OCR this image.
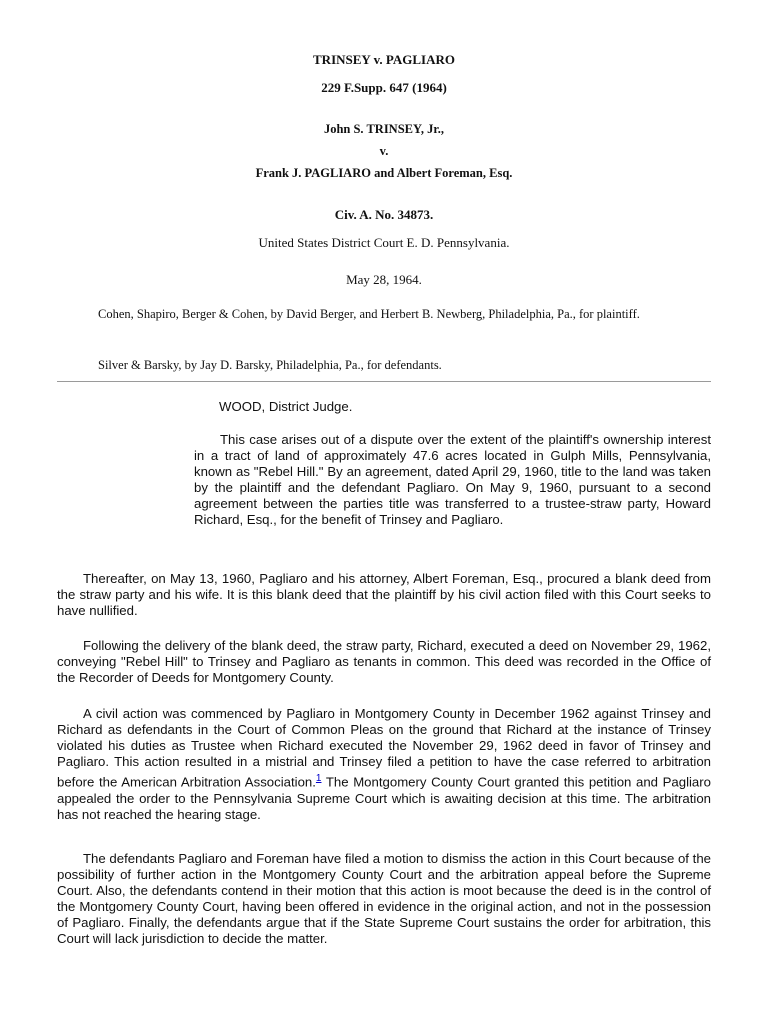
TRINSEY v. PAGLIARO
229 F.Supp. 647 (1964)
John S. TRINSEY, Jr.,
v.
Frank J. PAGLIARO and Albert Foreman, Esq.
Civ. A. No. 34873.
United States District Court E. D. Pennsylvania.
May 28, 1964.
Cohen, Shapiro, Berger & Cohen, by David Berger, and Herbert B. Newberg, Philadelphia, Pa., for plaintiff.
Silver & Barsky, by Jay D. Barsky, Philadelphia, Pa., for defendants.
WOOD, District Judge.
This case arises out of a dispute over the extent of the plaintiff's ownership interest in a tract of land of approximately 47.6 acres located in Gulph Mills, Pennsylvania, known as "Rebel Hill." By an agreement, dated April 29, 1960, title to the land was taken by the plaintiff and the defendant Pagliaro. On May 9, 1960, pursuant to a second agreement between the parties title was transferred to a trustee-straw party, Howard Richard, Esq., for the benefit of Trinsey and Pagliaro.
Thereafter, on May 13, 1960, Pagliaro and his attorney, Albert Foreman, Esq., procured a blank deed from the straw party and his wife. It is this blank deed that the plaintiff by his civil action filed with this Court seeks to have nullified.
Following the delivery of the blank deed, the straw party, Richard, executed a deed on November 29, 1962, conveying "Rebel Hill" to Trinsey and Pagliaro as tenants in common. This deed was recorded in the Office of the Recorder of Deeds for Montgomery County.
A civil action was commenced by Pagliaro in Montgomery County in December 1962 against Trinsey and Richard as defendants in the Court of Common Pleas on the ground that Richard at the instance of Trinsey violated his duties as Trustee when Richard executed the November 29, 1962 deed in favor of Trinsey and Pagliaro. This action resulted in a mistrial and Trinsey filed a petition to have the case referred to arbitration before the American Arbitration Association.$^1$ The Montgomery County Court granted this petition and Pagliaro appealed the order to the Pennsylvania Supreme Court which is awaiting decision at this time. The arbitration has not reached the hearing stage.
The defendants Pagliaro and Foreman have filed a motion to dismiss the action in this Court because of the possibility of further action in the Montgomery County Court and the arbitration appeal before the Supreme Court. Also, the defendants contend in their motion that this action is moot because the deed is in the control of the Montgomery County Court, having been offered in evidence in the original action, and not in the possession of Pagliaro. Finally, the defendants argue that if the State Supreme Court sustains the order for arbitration, this Court will lack jurisdiction to decide the matter.
